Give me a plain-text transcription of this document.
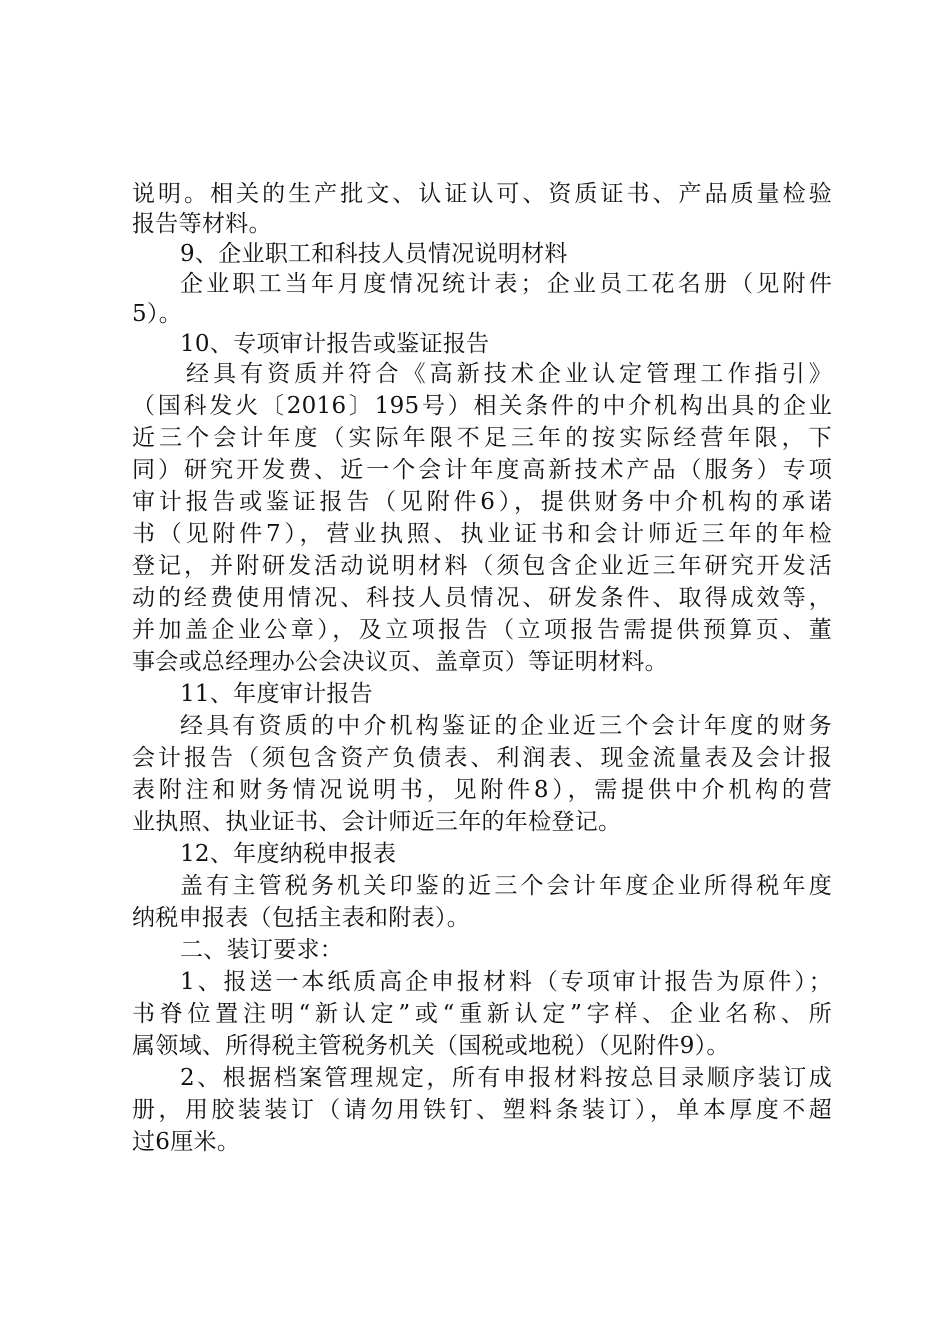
说明。相关的生产批文、认证认可、资质证书、产品质量检验
报告等材料。
9、企业职工和科技人员情况说明材料
企业职工当年月度情况统计表；企业员工花名册（见附件
5）。
10、专项审计报告或鉴证报告
经具有资质并符合《高新技术企业认定管理工作指引》
（国科发火〔2016〕195号）相关条件的中介机构出具的企业
近三个会计年度（实际年限不足三年的按实际经营年限，下
同）研究开发费、近一个会计年度高新技术产品（服务）专项
审计报告或鉴证报告（见附件6），提供财务中介机构的承诺
书（见附件7），营业执照、执业证书和会计师近三年的年检
登记，并附研发活动说明材料（须包含企业近三年研究开发活
动的经费使用情况、科技人员情况、研发条件、取得成效等，
并加盖企业公章），及立项报告（立项报告需提供预算页、董
事会或总经理办公会决议页、盖章页）等证明材料。
11、年度审计报告
经具有资质的中介机构鉴证的企业近三个会计年度的财务
会计报告（须包含资产负债表、利润表、现金流量表及会计报
表附注和财务情况说明书，见附件8），需提供中介机构的营
业执照、执业证书、会计师近三年的年检登记。
12、年度纳税申报表
盖有主管税务机关印鉴的近三个会计年度企业所得税年度
纳税申报表（包括主表和附表）。
二、装订要求：
1、报送一本纸质高企申报材料（专项审计报告为原件）；
书脊位置注明“新认定”或“重新认定”字样、企业名称、所
属领域、所得税主管税务机关（国税或地税）（见附件9）。
2、根据档案管理规定，所有申报材料按总目录顺序装订成
册，用胶装装订（请勿用铁钉、塑料条装订），单本厚度不超
过6厘米。
